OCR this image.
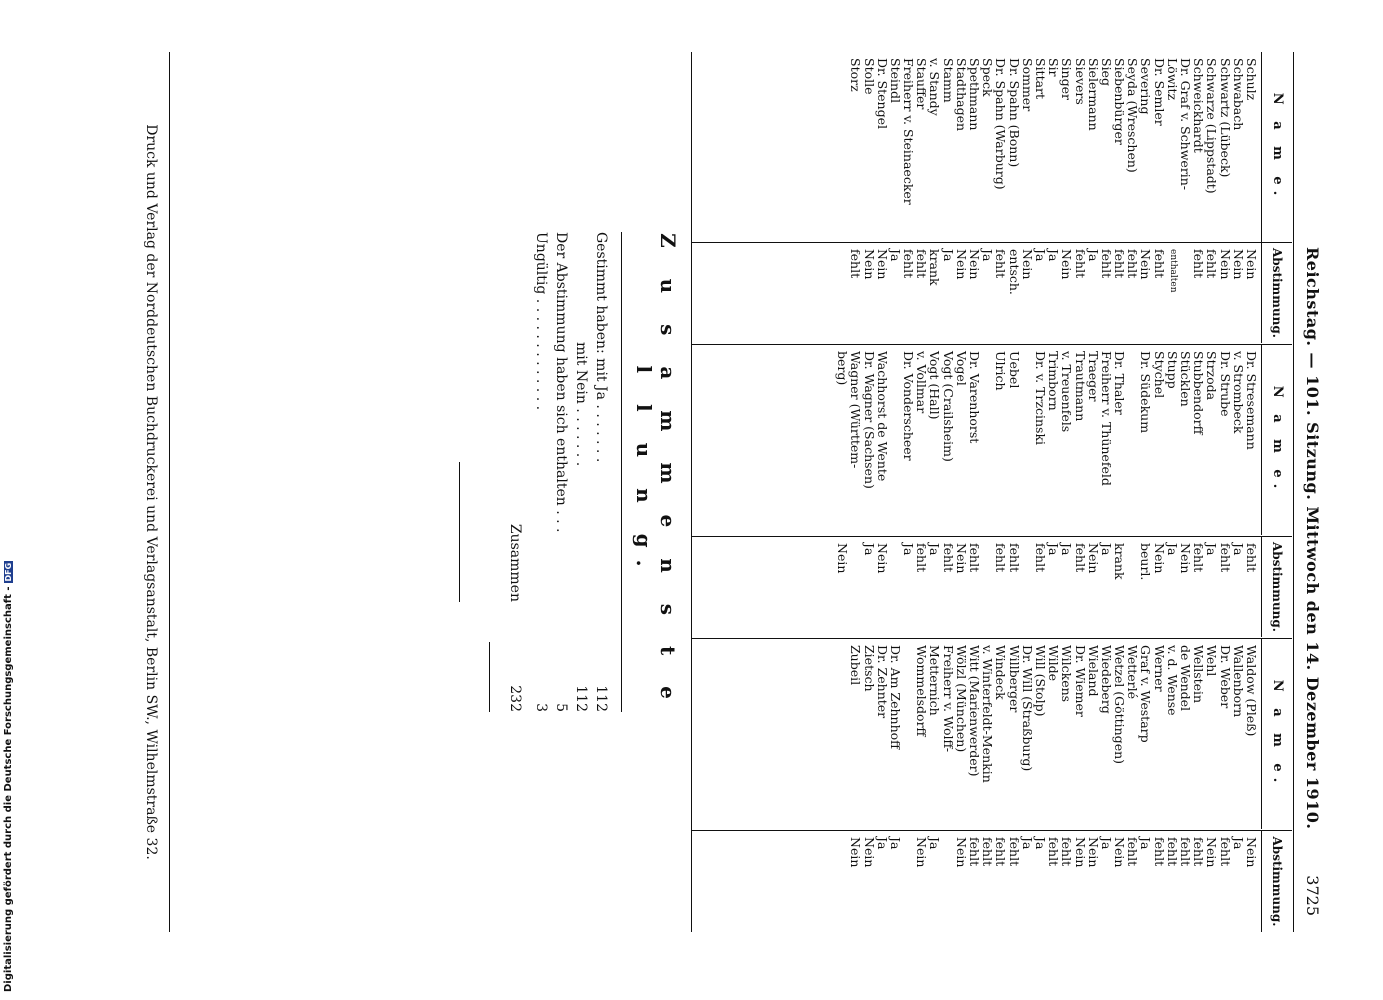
Reichstag. — 101. Sitzung. Mittwoch den 14. Dezember 1910.
3725
N a m e.
Schulz
Schwabach
Schwartz (Lübeck)
Schwarze (Lippstadt)
Schweickhardt
Dr. Graf v. Schwerin-
Löwitz
Dr. Semler
Severing
Seyda (Wreschen)
Siebenbürger
Sieg
Sielermann
Sievers
Singer
Sir
Sittart
Sommer
Dr. Spahn (Bonn)
Dr. Spahn (Warburg)
Speck
Spethmann
Stadthagen
Stamm
v. Standy
Stauffer
Freiherr v. Steinaecker
Steindl
Dr. Stengel
Stolle
Storz
Abstimmung.
Nein
Nein
Nein
fehlt
fehlt
enthalten
fehlt
Nein
fehlt
fehlt
fehlt
Ja
fehlt
Nein
Ja
Ja
Nein
entsch.
fehlt
Ja
Nein
Nein
Ja
krank
fehlt
fehlt
Ja
Nein
Nein
fehlt
N a m e.
Dr. Stresemann
v. Strombeck
Dr. Strube
Strzoda
Stubbendorff
Stücklen
Stupp
Stychel
Dr. Südekum
Dr. Thaler
Freiherr v. Thünefeld
Traeger
Trautmann
v. Treuenfels
Trimborn
Dr. v. Trzcinski
Uebel
Ulrich
Dr. Varenhorst
Vogel
Vogt (Crailsheim)
Vogt (Hall)
v. Vollmar
Dr. Vonderscheer
Wachhorst de Wente
Dr. Wagner (Sachsen)
Wagner (Württem-
berg)
Abstimmung.
fehlt
Ja
fehlt
Ja
fehlt
Nein
Ja
Nein
beurl.
krank
Ja
Nein
fehlt
Ja
Ja
fehlt
fehlt
fehlt
fehlt
Nein
fehlt
Ja
fehlt
Ja
Nein
Ja
Nein
N a m e.
Waldow (Pleß)
Wallenborn
Dr. Weber
Wehl
Wellstein
de Wendel
v. d. Wense
Werner
Graf v. Westarp
Wetterlé
Wetzel (Göttingen)
Wiedeberg
Wieland
Dr. Wiemer
Wilckens
Wilde
Will (Stolp)
Dr. Will (Straßburg)
Willberger
Windeck
v. Winterfeldt-Menkin
Witt (Marienwerder)
Wölzl (München)
Freiherr v. Wolff-
Metternich
Wommelsdorff
Dr. Am Zehnhoff
Dr. Zehnter
Zietsch
Zubeil
Abstimmung.
Nein
Ja
fehlt
Nein
fehlt
fehlt
fehlt
fehlt
Ja
fehlt
Nein
Ja
Nein
Nein
fehlt
fehlt
Ja
Ja
fehlt
fehlt
fehlt
fehlt
Nein
Ja
Nein
Ja
Ja
Nein
Nein
Z u s a m m e n s t e l l u n g.
Gestimmt haben: mit Ja . . . . . . .
112
mit Nein . . . . . . .
112
Der Abstimmung haben sich enthalten . . .
5
Ungültig . . . . . . . . . . . . .
3
Zusammen
232
Druck und Verlag der Norddeutschen Buchdruckerei und Verlagsanstalt, Berlin SW., Wilhelmstraße 32.
Digitalisierung gefördert durch die Deutsche Forschungsgemeinschaft -DFG
